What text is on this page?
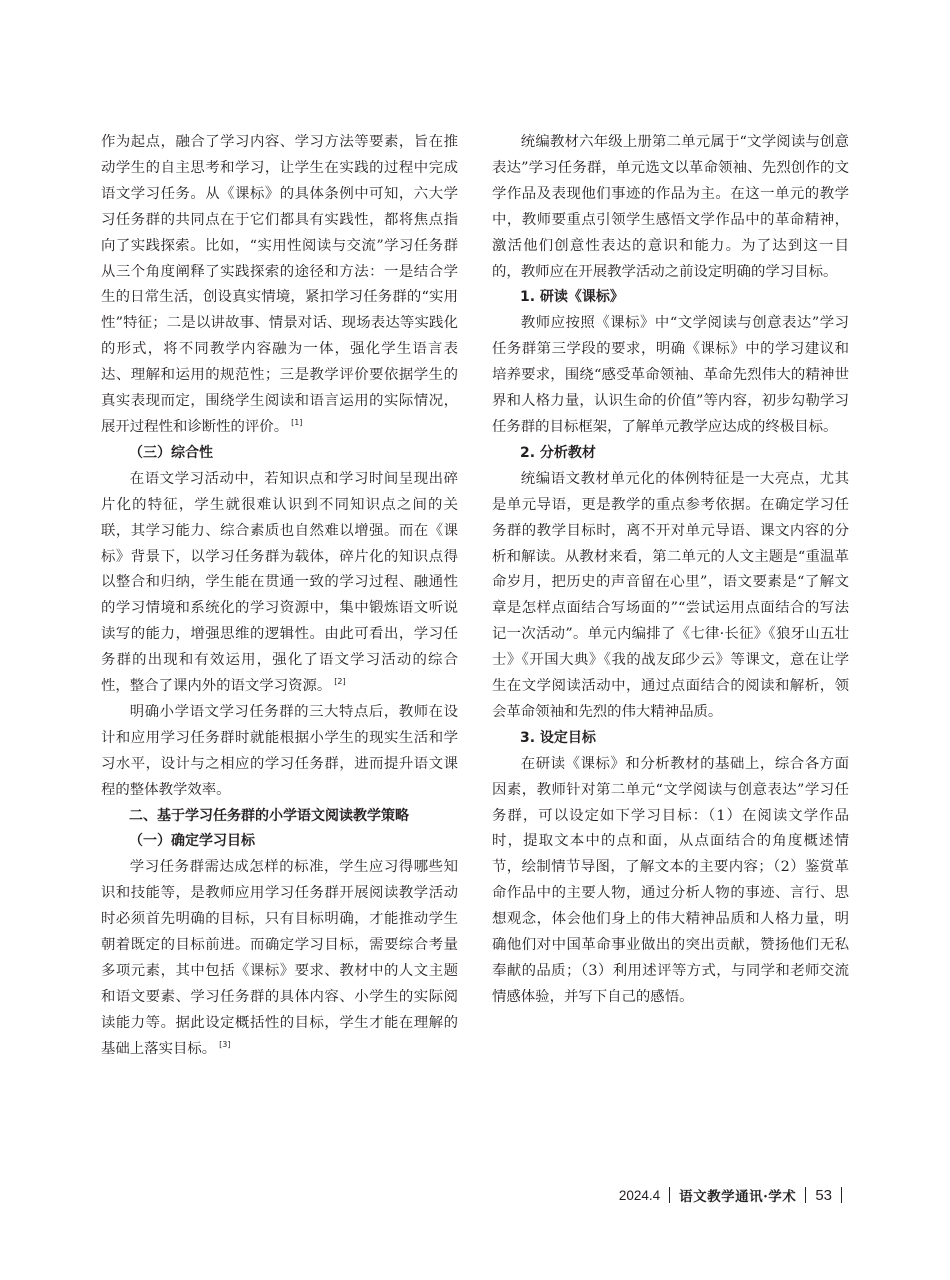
作为起点，融合了学习内容、学习方法等要素，旨在推动学生的自主思考和学习，让学生在实践的过程中完成语文学习任务。从《课标》的具体条例中可知，六大学习任务群的共同点在于它们都具有实践性，都将焦点指向了实践探索。比如，“实用性阅读与交流”学习任务群从三个角度阐释了实践探索的途径和方法：一是结合学生的日常生活，创设真实情境，紧扣学习任务群的“实用性”特征；二是以讲故事、情景对话、现场表达等实践化的形式，将不同教学内容融为一体，强化学生语言表达、理解和运用的规范性；三是教学评价要依据学生的真实表现而定，围绕学生阅读和语言运用的实际情况，展开过程性和诊断性的评价。 [1]

（三）综合性

在语文学习活动中，若知识点和学习时间呈现出碎片化的特征，学生就很难认识到不同知识点之间的关联，其学习能力、综合素质也自然难以增强。而在《课标》背景下，以学习任务群为载体，碎片化的知识点得以整合和归纳，学生能在贯通一致的学习过程、融通性的学习情境和系统化的学习资源中，集中锻炼语文听说读写的能力，增强思维的逻辑性。由此可看出，学习任务群的出现和有效运用，强化了语文学习活动的综合性，整合了课内外的语文学习资源。 [2]

明确小学语文学习任务群的三大特点后，教师在设计和应用学习任务群时就能根据小学生的现实生活和学习水平，设计与之相应的学习任务群，进而提升语文课程的整体教学效率。

二、基于学习任务群的小学语文阅读教学策略
（一）确定学习目标

学习任务群需达成怎样的标准，学生应习得哪些知识和技能等，是教师应用学习任务群开展阅读教学活动时必须首先明确的目标，只有目标明确，才能推动学生朝着既定的目标前进。而确定学习目标，需要综合考量多项元素，其中包括《课标》要求、教材中的人文主题和语文要素、学习任务群的具体内容、小学生的实际阅读能力等。据此设定概括性的目标，学生才能在理解的基础上落实目标。 [3]

统编教材六年级上册第二单元属于“文学阅读与创意表达”学习任务群，单元选文以革命领袖、先烈创作的文学作品及表现他们事迹的作品为主。在这一单元的教学中，教师要重点引领学生感悟文学作品中的革命精神，激活他们创意性表达的意识和能力。为了达到这一目的，教师应在开展教学活动之前设定明确的学习目标。

1. 研读《课标》

教师应按照《课标》中“文学阅读与创意表达”学习任务群第三学段的要求，明确《课标》中的学习建议和培养要求，围绕“感受革命领袖、革命先烈伟大的精神世界和人格力量，认识生命的价值”等内容，初步勾勒学习任务群的目标框架，了解单元教学应达成的终极目标。

2. 分析教材

统编语文教材单元化的体例特征是一大亮点，尤其是单元导语，更是教学的重点参考依据。在确定学习任务群的教学目标时，离不开对单元导语、课文内容的分析和解读。从教材来看，第二单元的人文主题是“重温革命岁月，把历史的声音留在心里”，语文要素是“了解文章是怎样点面结合写场面的”“尝试运用点面结合的写法记一次活动”。单元内编排了《七律·长征》《狼牙山五壮士》《开国大典》《我的战友邱少云》等课文，意在让学生在文学阅读活动中，通过点面结合的阅读和解析，领会革命领袖和先烈的伟大精神品质。

3. 设定目标

在研读《课标》和分析教材的基础上，综合各方面因素，教师针对第二单元“文学阅读与创意表达”学习任务群，可以设定如下学习目标：（1）在阅读文学作品时，提取文本中的点和面，从点面结合的角度概述情节，绘制情节导图，了解文本的主要内容；（2）鉴赏革命作品中的主要人物，通过分析人物的事迹、言行、思想观念，体会他们身上的伟大精神品质和人格力量，明确他们对中国革命事业做出的突出贡献，赞扬他们无私奉献的品质；（3）利用述评等方式，与同学和老师交流情感体验，并写下自己的感悟。

2024.4 语文教学通讯·学术 53
